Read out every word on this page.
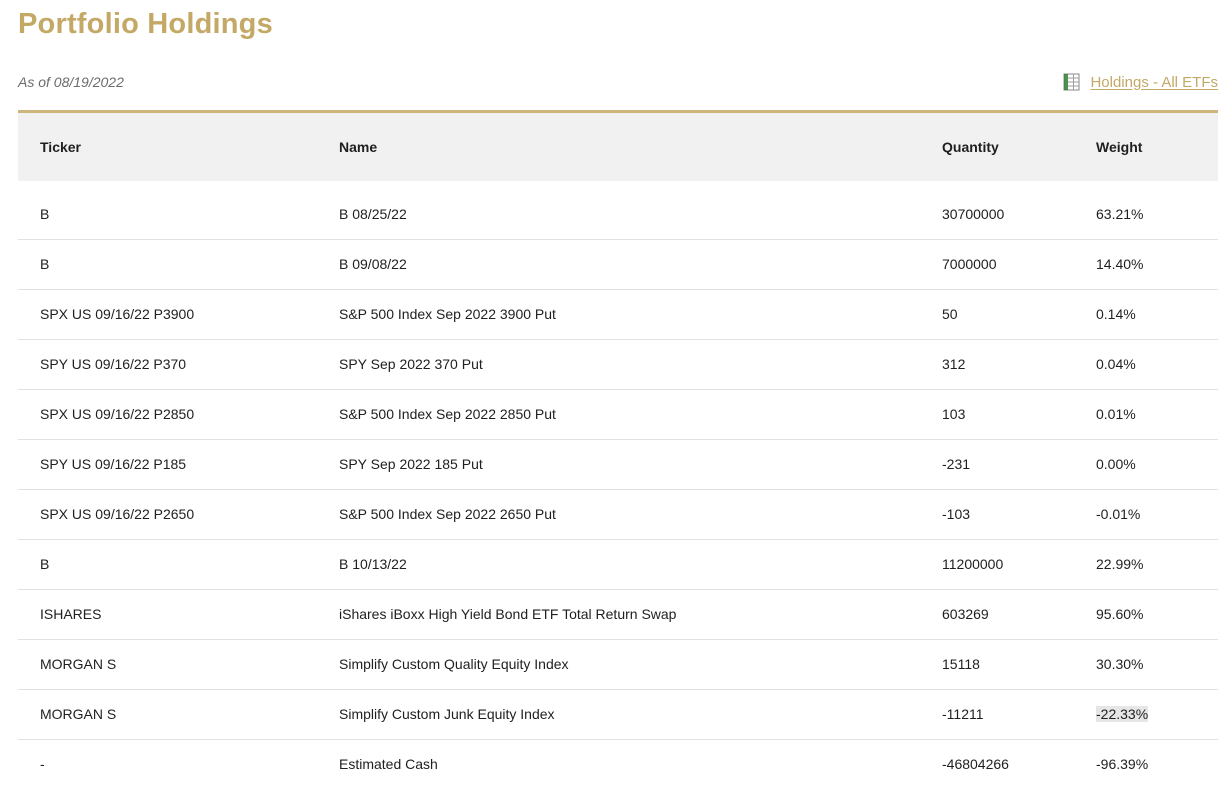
Portfolio Holdings
As of 08/19/2022	Holdings - All ETFs
Ticker	Name	Quantity	Weight
B	B 08/25/22	30700000	63.21%
B	B 09/08/22	7000000	14.40%
SPX US 09/16/22 P3900	S&P 500 Index Sep 2022 3900 Put	50	0.14%
SPY US 09/16/22 P370	SPY Sep 2022 370 Put	312	0.04%
SPX US 09/16/22 P2850	S&P 500 Index Sep 2022 2850 Put	103	0.01%
SPY US 09/16/22 P185	SPY Sep 2022 185 Put	-231	0.00%
SPX US 09/16/22 P2650	S&P 500 Index Sep 2022 2650 Put	-103	-0.01%
B	B 10/13/22	11200000	22.99%
ISHARES	iShares iBoxx High Yield Bond ETF Total Return Swap	603269	95.60%
MORGAN S	Simplify Custom Quality Equity Index	15118	30.30%
MORGAN S	Simplify Custom Junk Equity Index	-11211	-22.33%
-	Estimated Cash	-46804266	-96.39%
